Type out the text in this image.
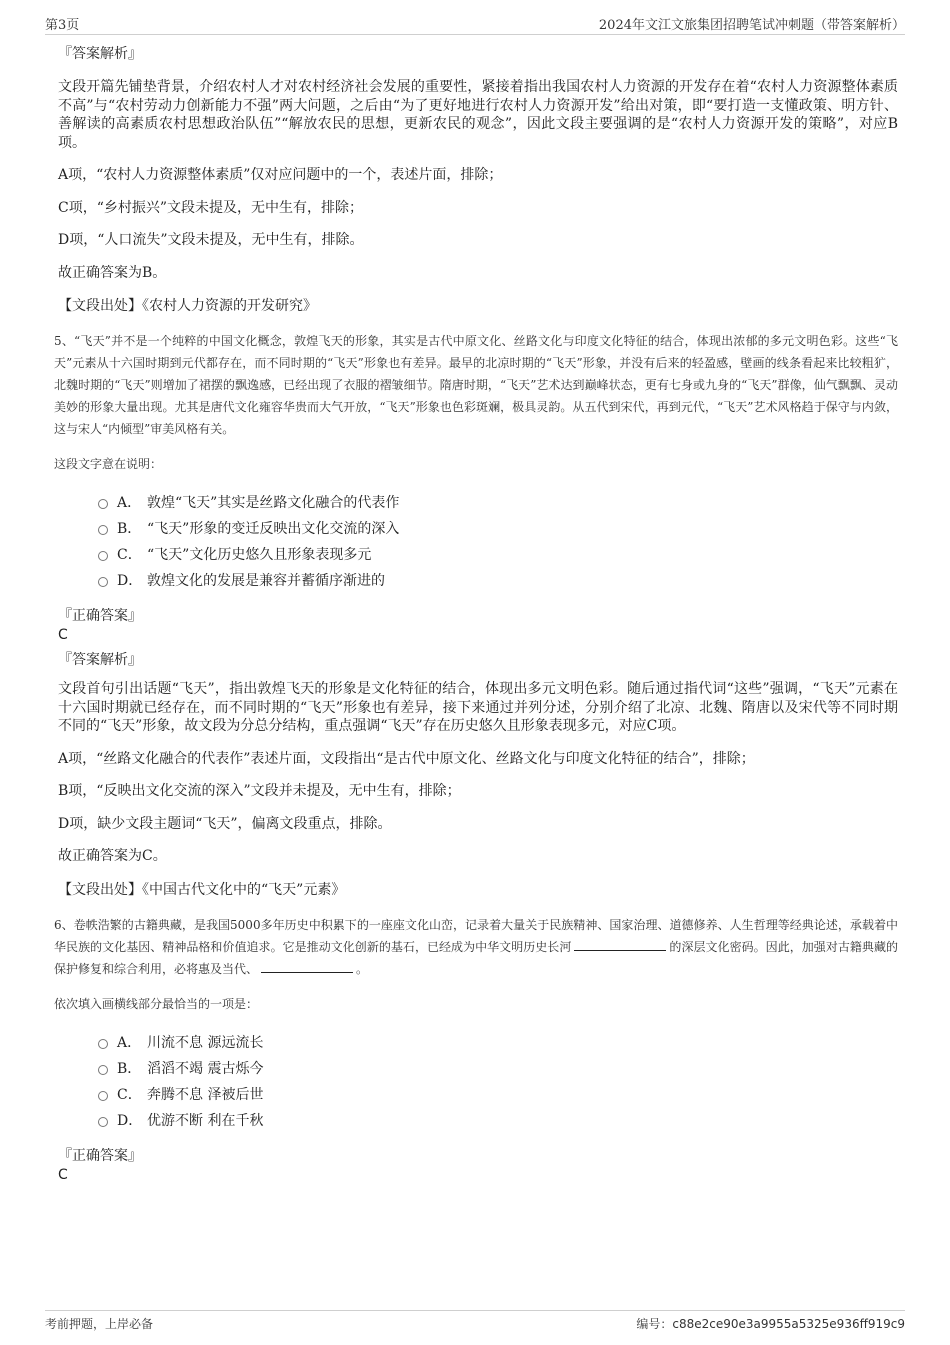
第3页	2024年文江文旅集团招聘笔试冲刺题（带答案解析）

『答案解析』

文段开篇先铺垫背景，介绍农村人才对农村经济社会发展的重要性，紧接着指出我国农村人力资源的开发存在着“农村人力资源整体素质不高”与“农村劳动力创新能力不强”两大问题，之后由“为了更好地进行农村人力资源开发”给出对策，即“要打造一支懂政策、明方针、善解读的高素质农村思想政治队伍”“解放农民的思想，更新农民的观念”，因此文段主要强调的是“农村人力资源开发的策略”，对应B项。

A项，“农村人力资源整体素质”仅对应问题中的一个，表述片面，排除；

C项，“乡村振兴”文段未提及，无中生有，排除；

D项，“人口流失”文段未提及，无中生有，排除。

故正确答案为B。

【文段出处】《农村人力资源的开发研究》

5、“飞天”并不是一个纯粹的中国文化概念，敦煌飞天的形象，其实是古代中原文化、丝路文化与印度文化特征的结合，体现出浓郁的多元文明色彩。这些“飞天”元素从十六国时期到元代都存在，而不同时期的“飞天”形象也有差异。最早的北凉时期的“飞天”形象，并没有后来的轻盈感，壁画的线条看起来比较粗犷，北魏时期的“飞天”则增加了裙摆的飘逸感，已经出现了衣服的褶皱细节。隋唐时期，“飞天”艺术达到巅峰状态，更有七身或九身的“飞天”群像，仙气飘飘、灵动美妙的形象大量出现。尤其是唐代文化雍容华贵而大气开放，“飞天”形象也色彩斑斓，极具灵韵。从五代到宋代，再到元代，“飞天”艺术风格趋于保守与内敛，这与宋人“内倾型”审美风格有关。

这段文字意在说明：

A． 敦煌“飞天”其实是丝路文化融合的代表作
B． “飞天”形象的变迁反映出文化交流的深入
C． “飞天”文化历史悠久且形象表现多元
D． 敦煌文化的发展是兼容并蓄循序渐进的

『正确答案』

C

『答案解析』

文段首句引出话题“飞天”，指出敦煌飞天的形象是文化特征的结合，体现出多元文明色彩。随后通过指代词“这些”强调，“飞天”元素在十六国时期就已经存在，而不同时期的“飞天”形象也有差异，接下来通过并列分述，分别介绍了北凉、北魏、隋唐以及宋代等不同时期不同的“飞天”形象，故文段为分总分结构，重点强调“飞天”存在历史悠久且形象表现多元，对应C项。

A项，“丝路文化融合的代表作”表述片面，文段指出“是古代中原文化、丝路文化与印度文化特征的结合”，排除；

B项，“反映出文化交流的深入”文段并未提及，无中生有，排除；

D项，缺少文段主题词“飞天”，偏离文段重点，排除。

故正确答案为C。

【文段出处】《中国古代文化中的“飞天”元素》

6、卷帙浩繁的古籍典藏，是我国5000多年历史中积累下的一座座文化山峦，记录着大量关于民族精神、国家治理、道德修养、人生哲理等经典论述，承载着中华民族的文化基因、精神品格和价值追求。它是推动文化创新的基石，已经成为中华文明历史长河	的深层文化密码。因此，加强对古籍典藏的保护修复和综合利用，必将惠及当代、	。

依次填入画横线部分最恰当的一项是：

A． 川流不息 源远流长
B． 滔滔不竭 震古烁今
C． 奔腾不息 泽被后世
D． 优游不断 利在千秋

『正确答案』

C

考前押题，上岸必备	编号：c88e2ce90e3a9955a5325e936ff919c9
